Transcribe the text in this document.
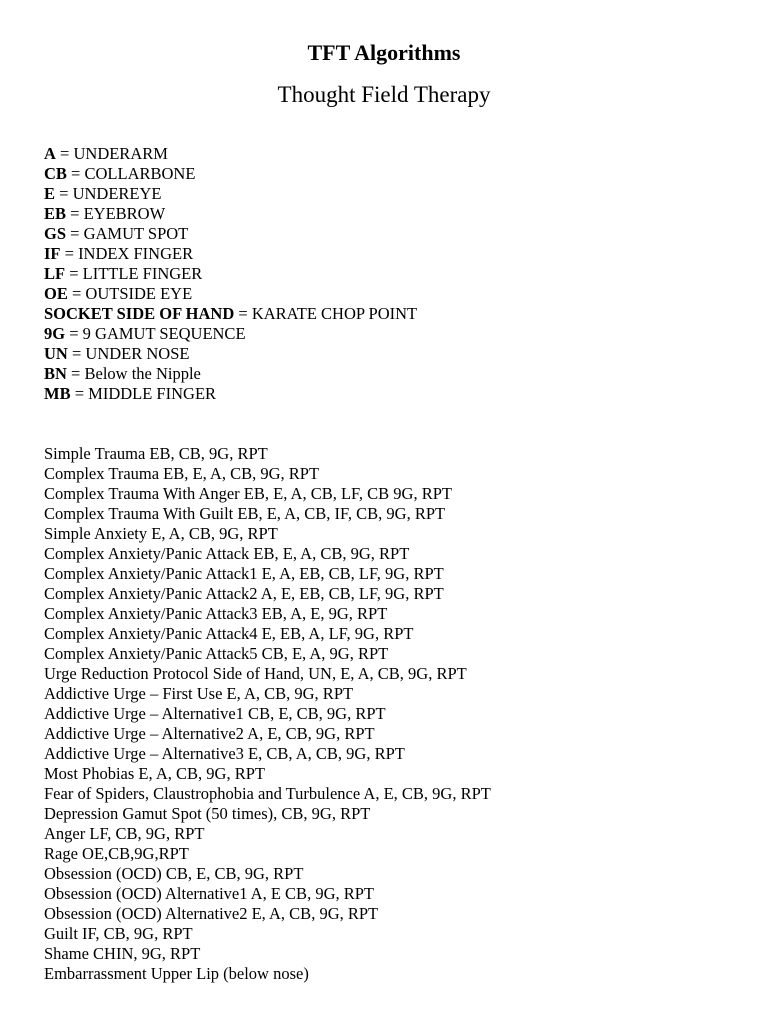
TFT Algorithms
Thought Field Therapy
A = UNDERARM
CB = COLLARBONE
E = UNDEREYE
EB = EYEBROW
GS = GAMUT SPOT
IF = INDEX FINGER
LF = LITTLE FINGER
OE = OUTSIDE EYE
SOCKET SIDE OF HAND = KARATE CHOP POINT
9G = 9 GAMUT SEQUENCE
UN = UNDER NOSE
BN = Below the Nipple
MB = MIDDLE FINGER
Simple Trauma EB, CB, 9G, RPT
Complex Trauma EB, E, A, CB, 9G, RPT
Complex Trauma With Anger EB, E, A, CB, LF, CB 9G, RPT
Complex Trauma With Guilt EB, E, A, CB, IF, CB, 9G, RPT
Simple Anxiety E, A, CB, 9G, RPT
Complex Anxiety/Panic Attack EB, E, A, CB, 9G, RPT
Complex Anxiety/Panic Attack1 E, A, EB, CB, LF, 9G, RPT
Complex Anxiety/Panic Attack2 A, E, EB, CB, LF, 9G, RPT
Complex Anxiety/Panic Attack3 EB, A, E, 9G, RPT
Complex Anxiety/Panic Attack4 E, EB, A, LF, 9G, RPT
Complex Anxiety/Panic Attack5 CB, E, A, 9G, RPT
Urge Reduction Protocol Side of Hand, UN, E, A, CB, 9G, RPT
Addictive Urge – First Use E, A, CB, 9G, RPT
Addictive Urge – Alternative1 CB, E, CB, 9G, RPT
Addictive Urge – Alternative2 A, E, CB, 9G, RPT
Addictive Urge – Alternative3 E, CB, A, CB, 9G, RPT
Most Phobias E, A, CB, 9G, RPT
Fear of Spiders, Claustrophobia and Turbulence A, E, CB, 9G, RPT
Depression Gamut Spot (50 times), CB, 9G, RPT
Anger LF, CB, 9G, RPT
Rage OE,CB,9G,RPT
Obsession (OCD) CB, E, CB, 9G, RPT
Obsession (OCD) Alternative1 A, E CB, 9G, RPT
Obsession (OCD) Alternative2 E, A, CB, 9G, RPT
Guilt IF, CB, 9G, RPT
Shame CHIN, 9G, RPT
Embarrassment Upper Lip (below nose)
